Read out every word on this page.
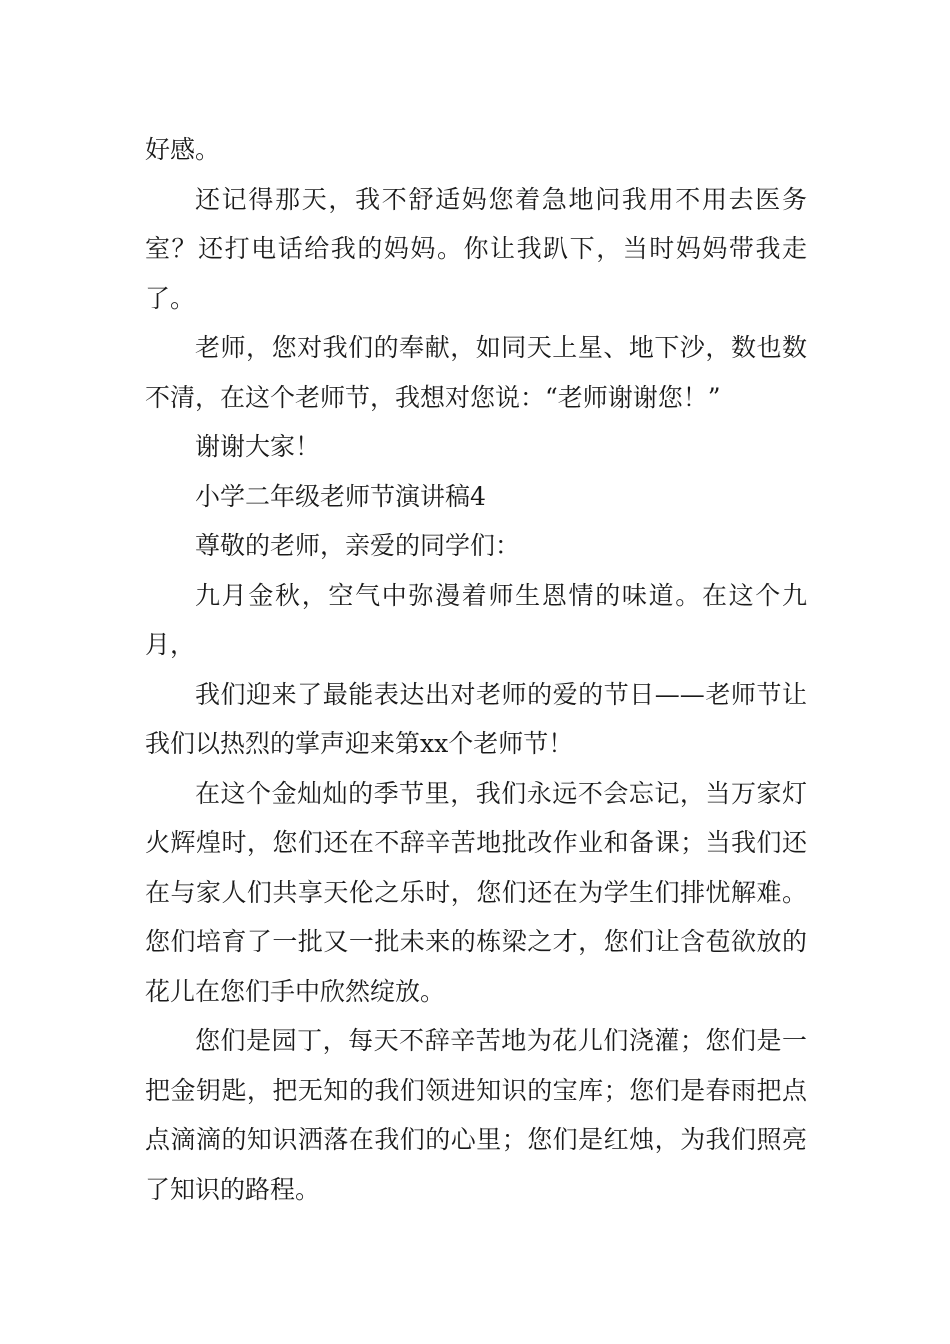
好感。

还记得那天，我不舒适妈您着急地问我用不用去医务室？还打电话给我的妈妈。你让我趴下，当时妈妈带我走了。

老师，您对我们的奉献，如同天上星、地下沙，数也数不清，在这个老师节，我想对您说：“老师谢谢您！”

谢谢大家！

小学二年级老师节演讲稿4

尊敬的老师，亲爱的同学们：

九月金秋，空气中弥漫着师生恩情的味道。在这个九月，

我们迎来了最能表达出对老师的爱的节日——老师节让我们以热烈的掌声迎来第xx个老师节！

在这个金灿灿的季节里，我们永远不会忘记，当万家灯火辉煌时，您们还在不辞辛苦地批改作业和备课；当我们还在与家人们共享天伦之乐时，您们还在为学生们排忧解难。您们培育了一批又一批未来的栋梁之才，您们让含苞欲放的花儿在您们手中欣然绽放。

您们是园丁，每天不辞辛苦地为花儿们浇灌；您们是一把金钥匙，把无知的我们领进知识的宝库；您们是春雨把点点滴滴的知识洒落在我们的心里；您们是红烛，为我们照亮了知识的路程。
